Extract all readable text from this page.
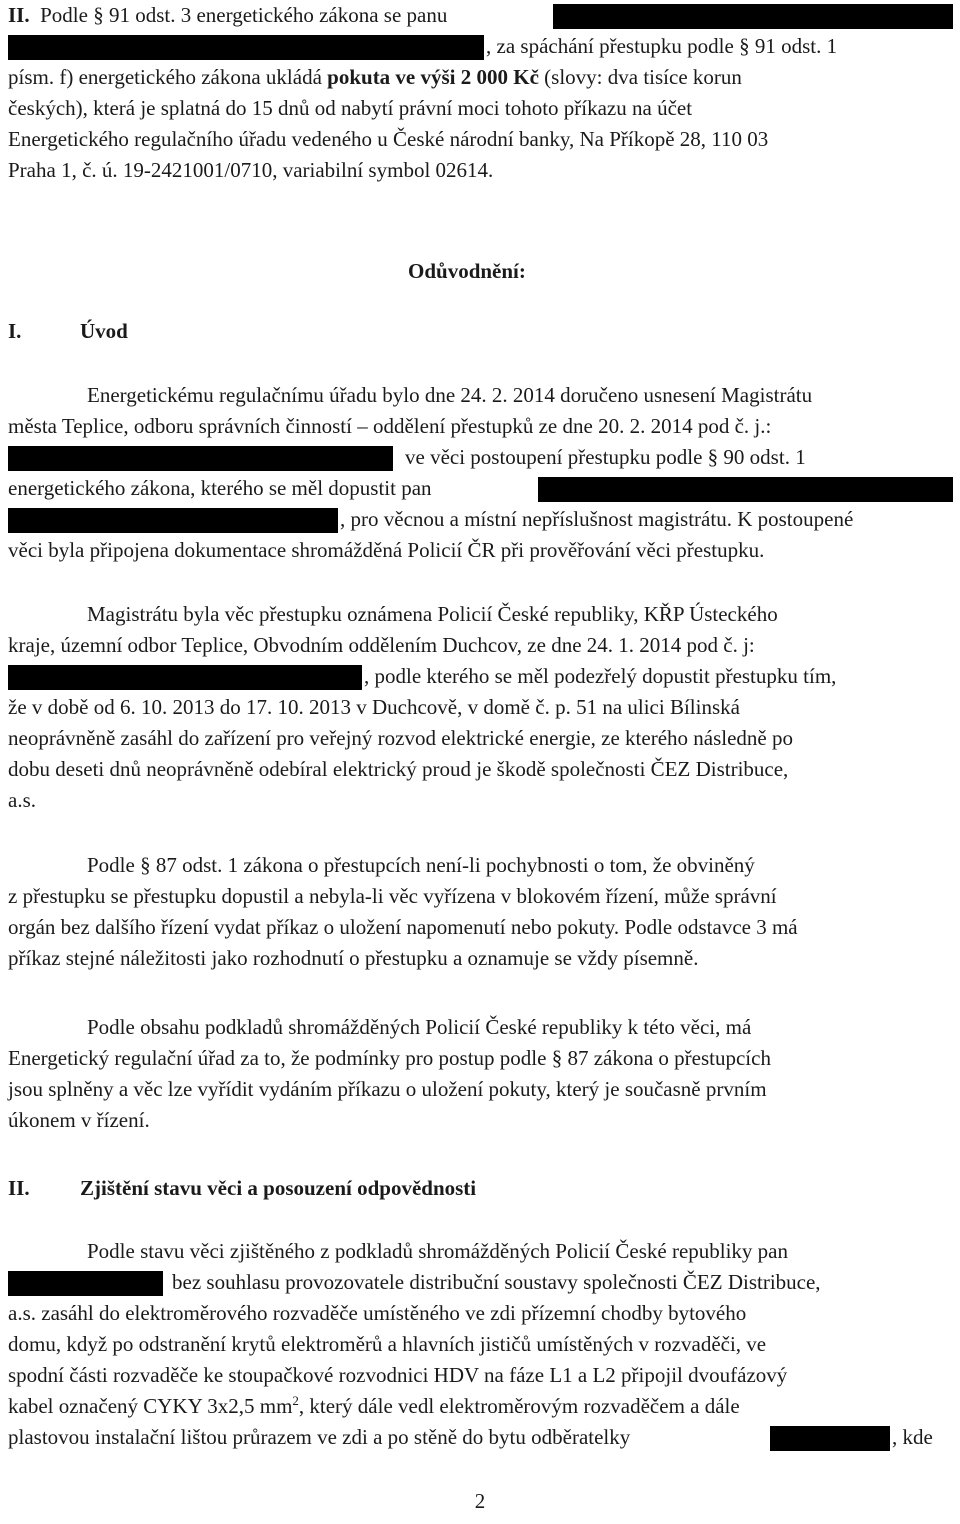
II. Podle § 91 odst. 3 energetického zákona se panu
, za spáchání přestupku podle § 91 odst. 1
písm. f) energetického zákona ukládá pokuta ve výši 2 000 Kč (slovy: dva tisíce korun
českých), která je splatná do 15 dnů od nabytí právní moci tohoto příkazu na účet
Energetického regulačního úřadu vedeného u České národní banky, Na Příkopě 28, 110 03
Praha 1, č. ú. 19-2421001/0710, variabilní symbol 02614.
Odůvodnění:
I.	Úvod
Energetickému regulačnímu úřadu bylo dne 24. 2. 2014 doručeno usnesení Magistrátu
města Teplice, odboru správních činností – oddělení přestupků ze dne 20. 2. 2014 pod č. j.:
ve věci postoupení přestupku podle § 90 odst. 1
energetického zákona, kterého se měl dopustit pan
, pro věcnou a místní nepříslušnost magistrátu. K postoupené
věci byla připojena dokumentace shromážděná Policií ČR při prověřování věci přestupku.
Magistrátu byla věc přestupku oznámena Policií České republiky, KŘP Ústeckého
kraje, územní odbor Teplice, Obvodním oddělením Duchcov, ze dne 24. 1. 2014 pod č. j:
, podle kterého se měl podezřelý dopustit přestupku tím,
že v době od 6. 10. 2013 do 17. 10. 2013 v Duchcově, v domě č. p. 51 na ulici Bílinská
neoprávněně zasáhl do zařízení pro veřejný rozvod elektrické energie, ze kterého následně po
dobu deseti dnů neoprávněně odebíral elektrický proud je škodě společnosti ČEZ Distribuce,
a.s.
Podle § 87 odst. 1 zákona o přestupcích není-li pochybnosti o tom, že obviněný
z přestupku se přestupku dopustil a nebyla-li věc vyřízena v blokovém řízení, může správní
orgán bez dalšího řízení vydat příkaz o uložení napomenutí nebo pokuty. Podle odstavce 3 má
příkaz stejné náležitosti jako rozhodnutí o přestupku a oznamuje se vždy písemně.
Podle obsahu podkladů shromážděných Policií České republiky k této věci, má
Energetický regulační úřad za to, že podmínky pro postup podle § 87 zákona o přestupcích
jsou splněny a věc lze vyřídit vydáním příkazu o uložení pokuty, který je současně prvním
úkonem v řízení.
II. Zjištění stavu věci a posouzení odpovědnosti
Podle stavu věci zjištěného z podkladů shromážděných Policií České republiky pan
bez souhlasu provozovatele distribuční soustavy společnosti ČEZ Distribuce,
a.s. zasáhl do elektroměrového rozvaděče umístěného ve zdi přízemní chodby bytového
domu, když po odstranění krytů elektroměrů a hlavních jističů umístěných v rozvaděči, ve
spodní části rozvaděče ke stoupačkové rozvodnici HDV na fáze L1 a L2 připojil dvoufázový
kabel označený CYKY 3x2,5 $mm^2$, který dále vedl elektroměrovým rozvaděčem a dále
plastovou instalační lištou průrazem ve zdi a po stěně do bytu odběratelky	, kde
2
